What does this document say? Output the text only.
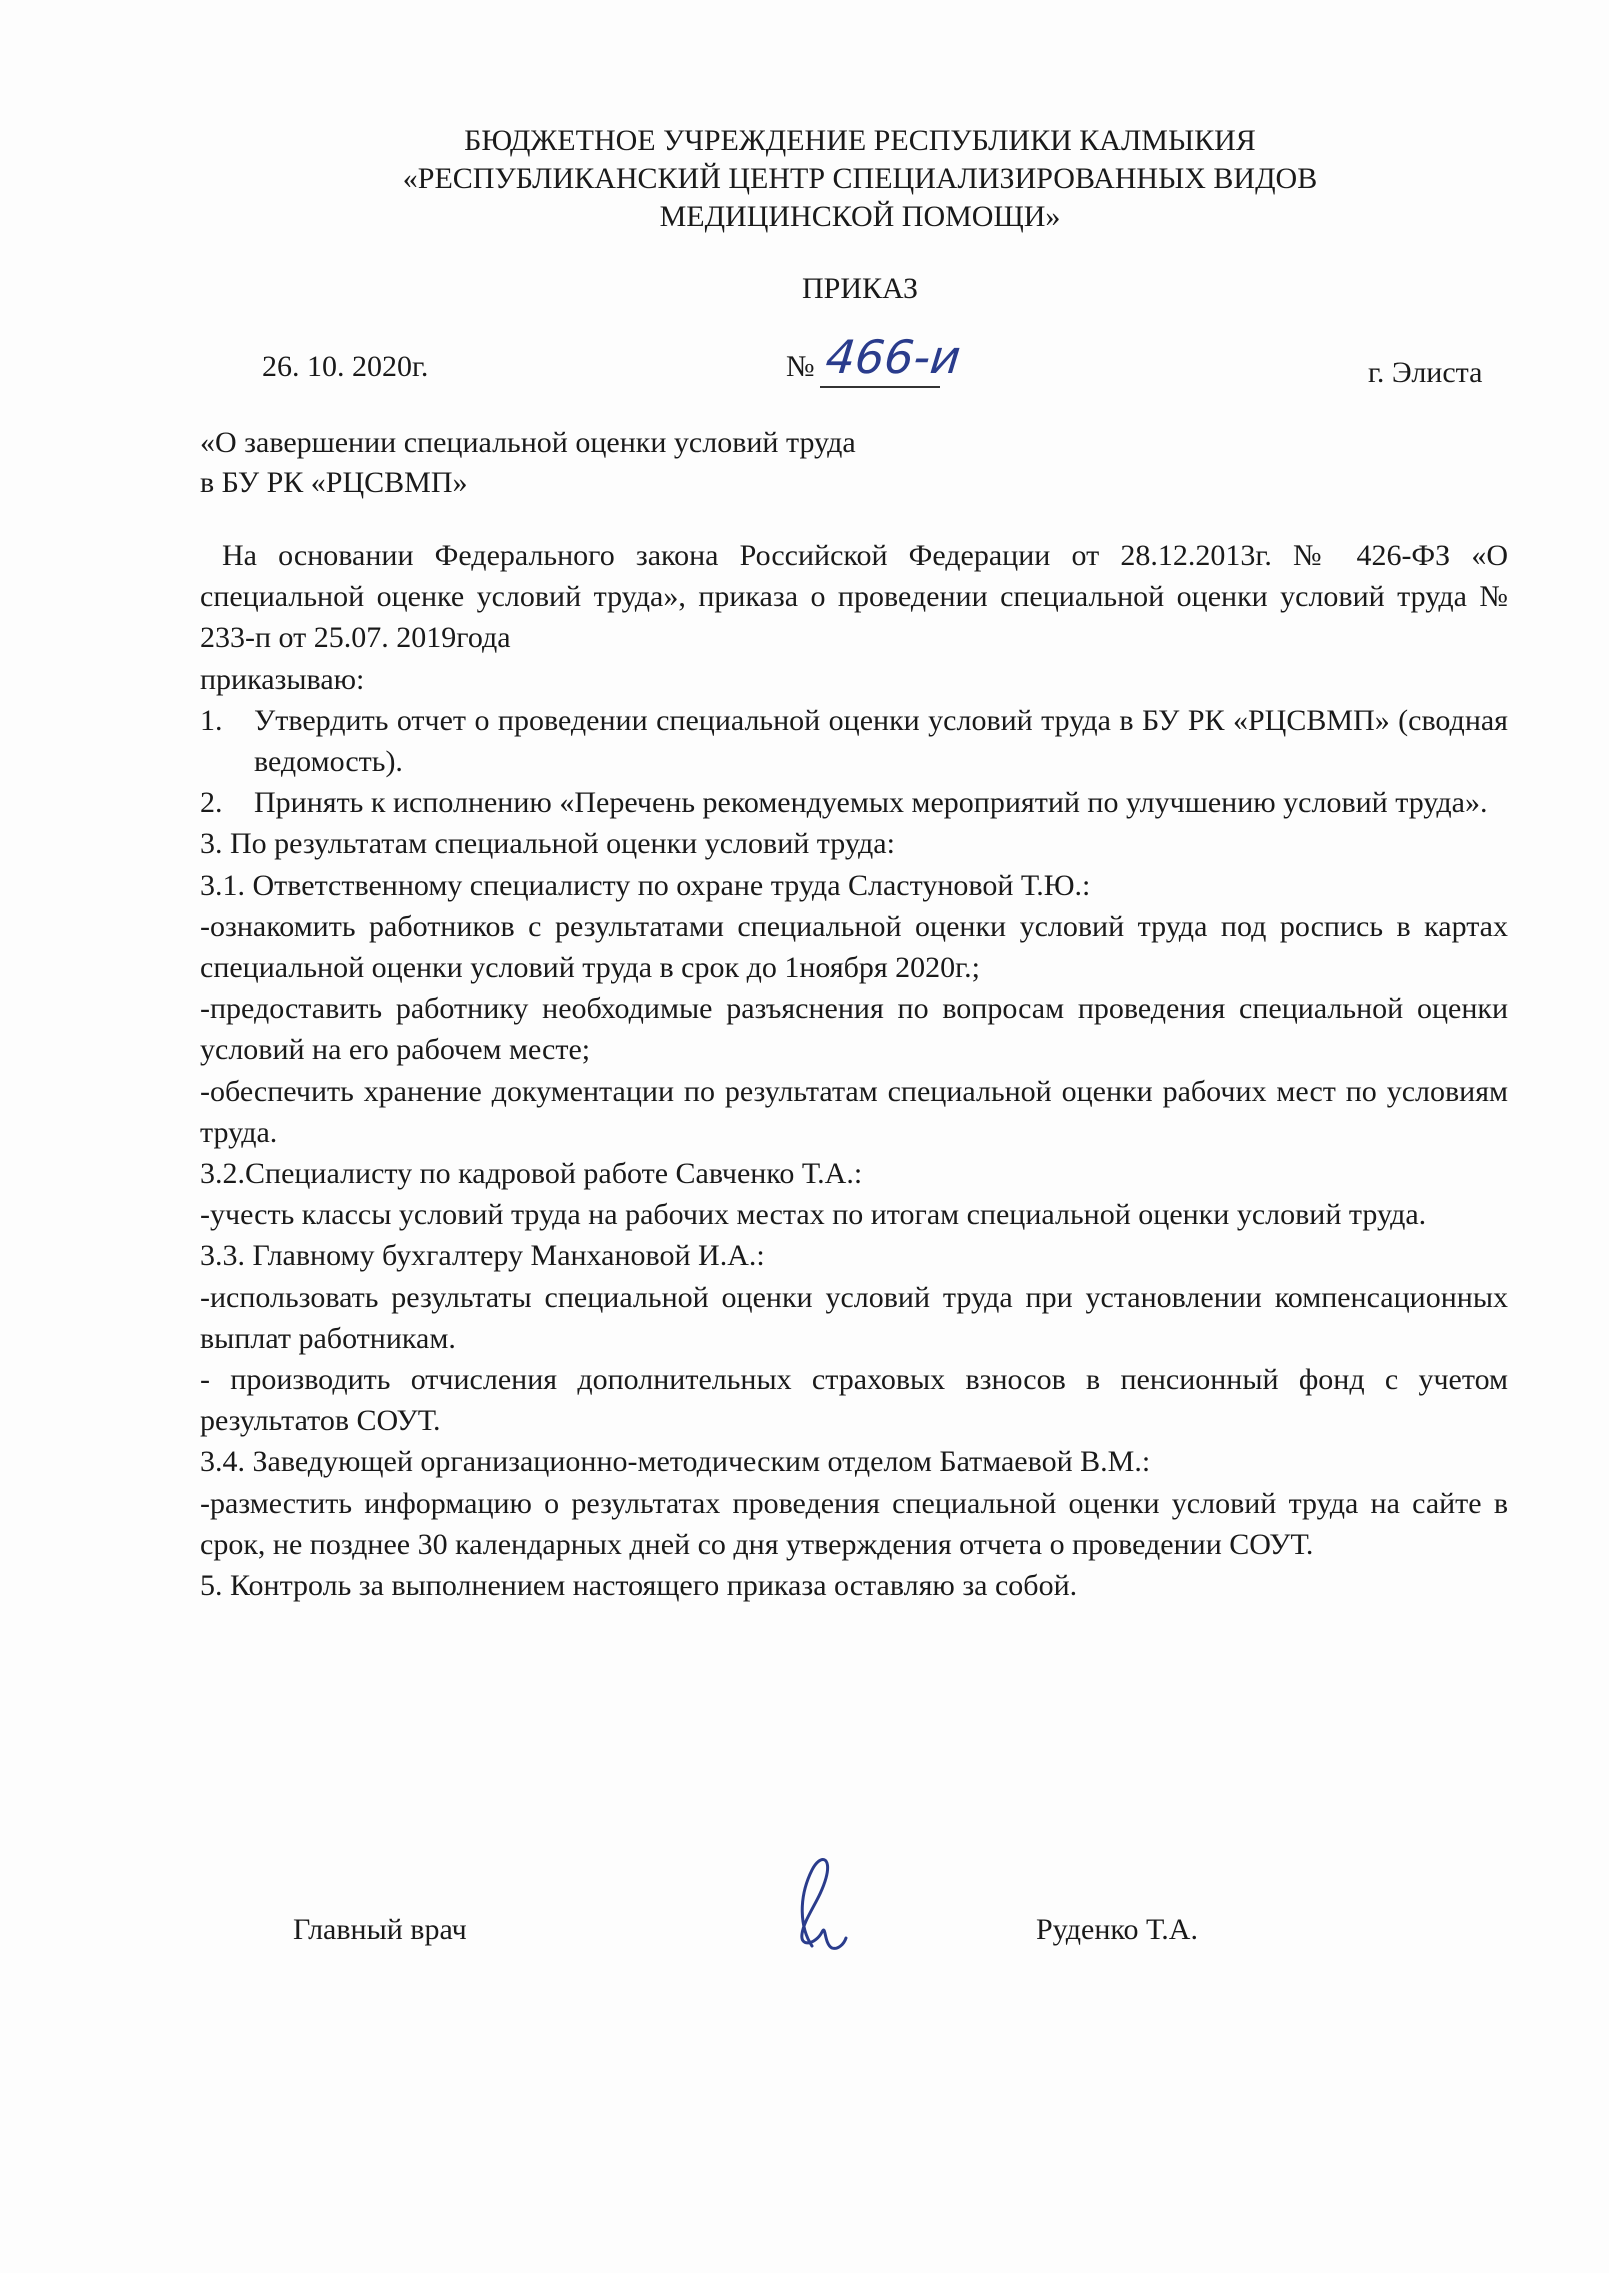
БЮДЖЕТНОЕ УЧРЕЖДЕНИЕ РЕСПУБЛИКИ КАЛМЫКИЯ
«РЕСПУБЛИКАНСКИЙ ЦЕНТР СПЕЦИАЛИЗИРОВАННЫХ ВИДОВ
МЕДИЦИНСКОЙ ПОМОЩИ»
ПРИКАЗ
26. 10. 2020г.	№ 466-и	г. Элиста
«О завершении специальной оценки условий труда
в БУ РК «РЦСВМП»

На основании Федерального закона Российской Федерации от 28.12.2013г. № 426-ФЗ «О специальной оценке условий труда», приказа о проведении специальной оценки условий труда № 233-п от 25.07. 2019года

приказываю:

1.	Утвердить отчет о проведении специальной оценки условий труда в БУ РК «РЦСВМП» (сводная ведомость).
2.	Принять к исполнению «Перечень рекомендуемых мероприятий по улучшению условий труда».

3. По результатам специальной оценки условий труда:

3.1. Ответственному специалисту по охране труда Сластуновой Т.Ю.:

-ознакомить работников с результатами специальной оценки условий труда под роспись в картах специальной оценки условий труда в срок до 1ноября 2020г.;

-предоставить работнику необходимые разъяснения по вопросам проведения специальной оценки условий на его рабочем месте;

-обеспечить хранение документации по результатам специальной оценки рабочих мест по условиям труда.

3.2.Специалисту по кадровой работе Савченко Т.А.:

-учесть классы условий труда на рабочих местах по итогам специальной оценки условий труда.

3.3. Главному бухгалтеру Манхановой И.А.:

-использовать результаты специальной оценки условий труда при установлении компенсационных выплат работникам.

- производить отчисления дополнительных страховых взносов в пенсионный фонд с учетом результатов СОУТ.

3.4. Заведующей организационно-методическим отделом Батмаевой В.М.:

-разместить информацию о результатах проведения специальной оценки условий труда на сайте в срок, не позднее 30 календарных дней со дня утверждения отчета о проведении СОУТ.

5. Контроль за выполнением настоящего приказа оставляю за собой.

Главный врач	Руденко Т.А.
